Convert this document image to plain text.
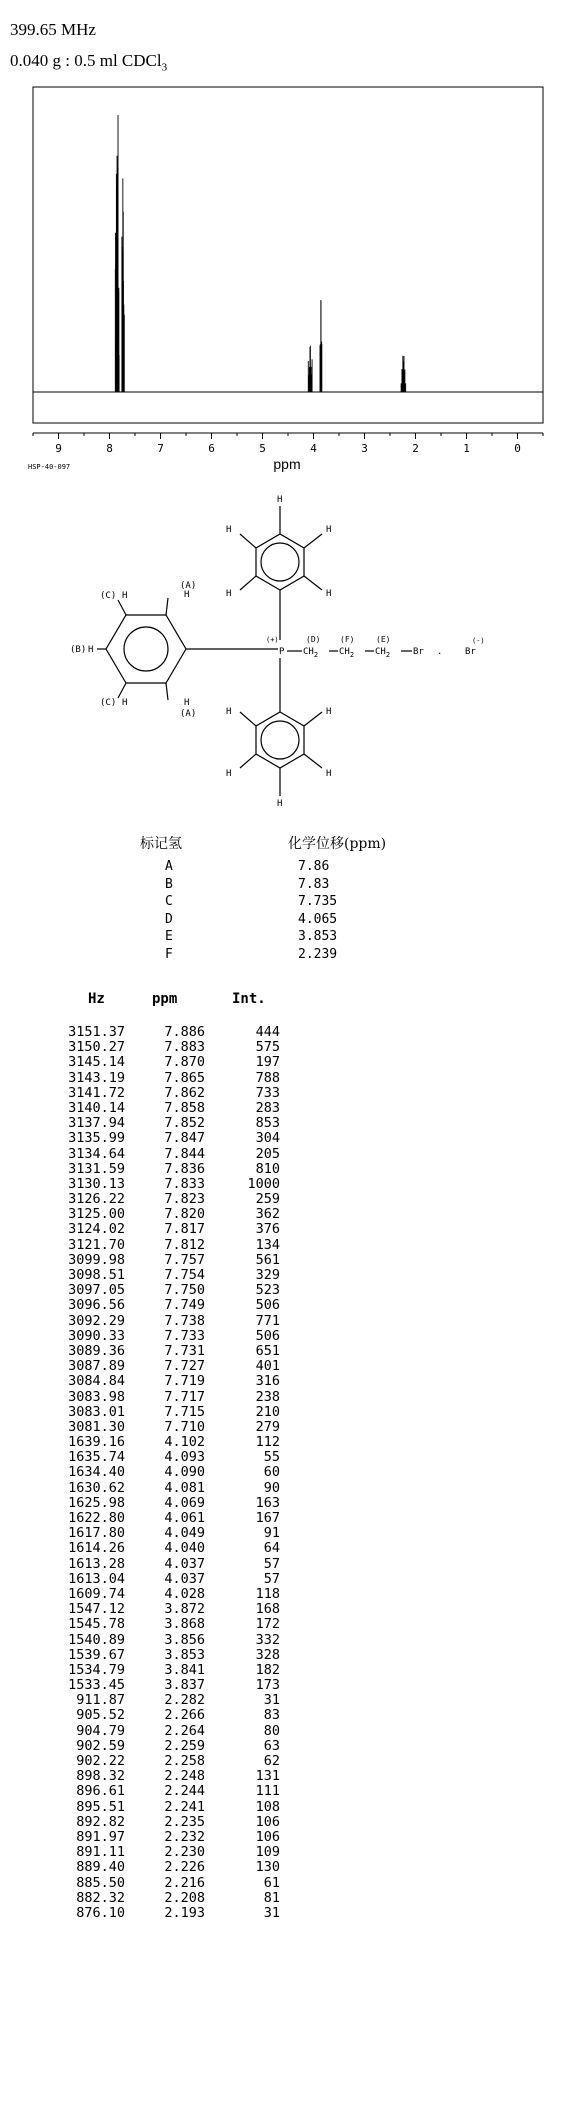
399.65 MHz
0.040 g : 0.5 ml CDCl$_3$
9	8	7	6	5	4	3	2	1	0
HSP-40-097	ppm
H
H	H
H	H
(A)
H
(C) H
(B) H
(C) H	H
(A)
(+)
P
(D)
$CH_2$
(F)
$CH_2$
(E)
$CH_2$	Br .
(-)
Br
H	H
H	H
H
标记氢	化学位移(ppm)
A	7.86
B	7.83
C	7.735
D	4.065
E	3.853
F	2.239
Hz	ppm	Int.
3151.37	7.886	444
3150.27	7.883	575
3145.14	7.870	197
3143.19	7.865	788
3141.72	7.862	733
3140.14	7.858	283
3137.94	7.852	853
3135.99	7.847	304
3134.64	7.844	205
3131.59	7.836	810
3130.13	7.833	1000
3126.22	7.823	259
3125.00	7.820	362
3124.02	7.817	376
3121.70	7.812	134
3099.98	7.757	561
3098.51	7.754	329
3097.05	7.750	523
3096.56	7.749	506
3092.29	7.738	771
3090.33	7.733	506
3089.36	7.731	651
3087.89	7.727	401
3084.84	7.719	316
3083.98	7.717	238
3083.01	7.715	210
3081.30	7.710	279
1639.16	4.102	112
1635.74	4.093	55
1634.40	4.090	60
1630.62	4.081	90
1625.98	4.069	163
1622.80	4.061	167
1617.80	4.049	91
1614.26	4.040	64
1613.28	4.037	57
1613.04	4.037	57
1609.74	4.028	118
1547.12	3.872	168
1545.78	3.868	172
1540.89	3.856	332
1539.67	3.853	328
1534.79	3.841	182
1533.45	3.837	173
911.87	2.282	31
905.52	2.266	83
904.79	2.264	80
902.59	2.259	63
902.22	2.258	62
898.32	2.248	131
896.61	2.244	111
895.51	2.241	108
892.82	2.235	106
891.97	2.232	106
891.11	2.230	109
889.40	2.226	130
885.50	2.216	61
882.32	2.208	81
876.10	2.193	31
